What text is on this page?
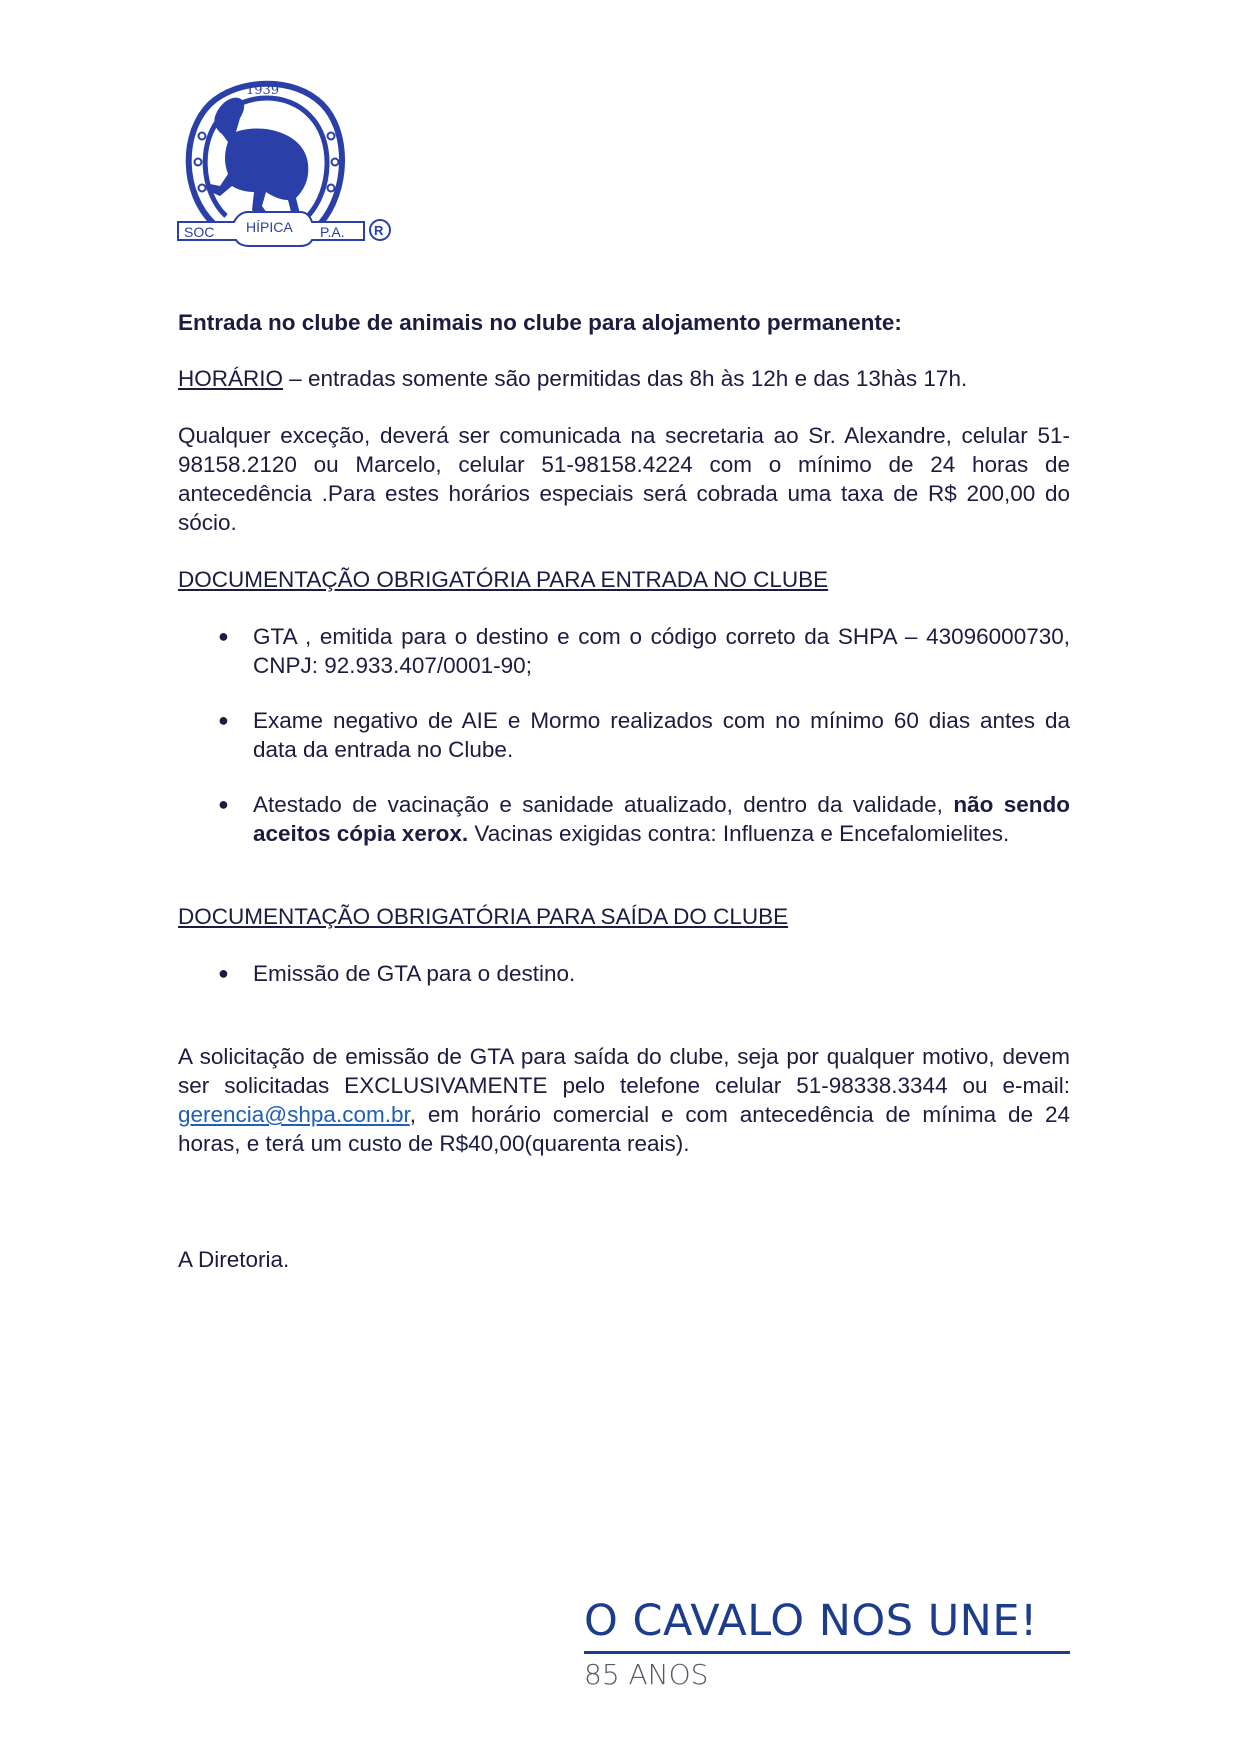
1939
SOC HÍPICA P.A. R

Entrada no clube de animais no clube para alojamento permanente:

HORÁRIO – entradas somente são permitidas das 8h às 12h e das 13hàs 17h.

Qualquer exceção, deverá ser comunicada na secretaria ao Sr. Alexandre, celular 51-98158.2120 ou Marcelo, celular 51-98158.4224 com o mínimo de 24 horas de antecedência .Para estes horários especiais será cobrada uma taxa de R$ 200,00 do sócio.

DOCUMENTAÇÃO OBRIGATÓRIA PARA ENTRADA NO CLUBE

● GTA , emitida para o destino e com o código correto da SHPA – 43096000730, CNPJ: 92.933.407/0001-90;
● Exame negativo de AIE e Mormo realizados com no mínimo 60 dias antes da data da entrada no Clube.
● Atestado de vacinação e sanidade atualizado, dentro da validade, não sendo aceitos cópia xerox. Vacinas exigidas contra: Influenza e Encefalomielites.

DOCUMENTAÇÃO OBRIGATÓRIA PARA SAÍDA DO CLUBE

● Emissão de GTA para o destino.

A solicitação de emissão de GTA para saída do clube, seja por qualquer motivo, devem ser solicitadas EXCLUSIVAMENTE pelo telefone celular 51-98338.3344 ou e-mail: gerencia@shpa.com.br, em horário comercial e com antecedência de mínima de 24 horas, e terá um custo de R$40,00(quarenta reais).

A Diretoria.

O CAVALO NOS UNE!
85 ANOS
